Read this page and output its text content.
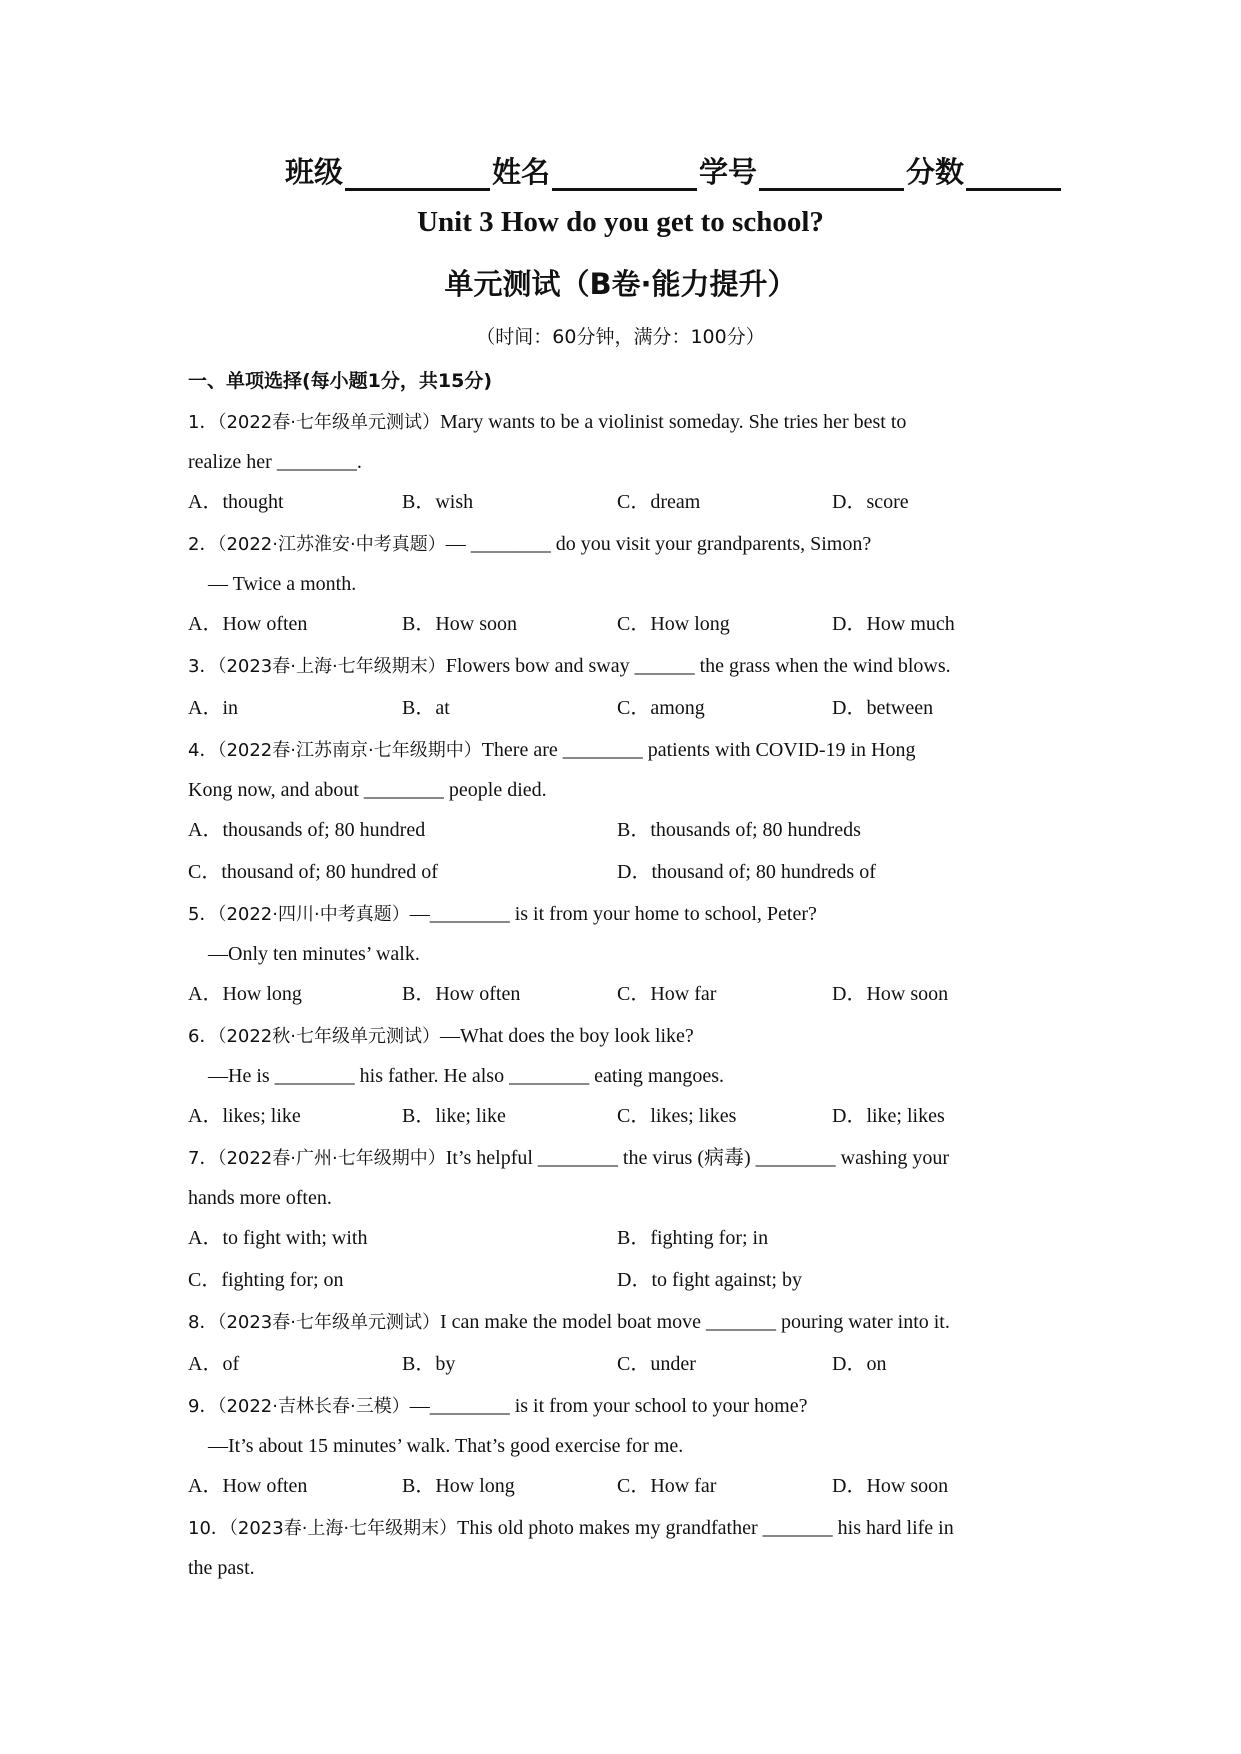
班级	姓名	学号	分数
Unit 3 How do you get to school?
单元测试（B卷·能力提升）
（时间：60分钟，满分：100分）
一、单项选择(每小题1分，共15分)
1．（2022春·七年级单元测试）Mary wants to be a violinist someday. She tries her best to
realize her ________.
A．thought	B．wish	C．dream	D．score
2．（2022·江苏淮安·中考真题）— ________ do you visit your grandparents, Simon?
— Twice a month.
A．How often	B．How soon	C．How long	D．How much
3．（2023春·上海·七年级期末）Flowers bow and sway ______ the grass when the wind blows.
A．in	B．at	C．among	D．between
4．（2022春·江苏南京·七年级期中）There are ________ patients with COVID-19 in Hong
Kong now, and about ________ people died.
A．thousands of; 80 hundred	B．thousands of; 80 hundreds
C．thousand of; 80 hundred of	D．thousand of; 80 hundreds of
5．（2022·四川·中考真题）—________ is it from your home to school, Peter?
—Only ten minutes’ walk.
A．How long	B．How often	C．How far	D．How soon
6．（2022秋·七年级单元测试）—What does the boy look like?
—He is ________ his father. He also ________ eating mangoes.
A．likes; like	B．like; like	C．likes; likes	D．like; likes
7．（2022春·广州·七年级期中）It’s helpful ________ the virus (病毒) ________ washing your
hands more often.
A．to fight with; with	B．fighting for; in
C．fighting for; on	D．to fight against; by
8．（2023春·七年级单元测试）I can make the model boat move _______ pouring water into it.
A．of	B．by	C．under	D．on
9．（2022·吉林长春·三模）—________ is it from your school to your home?
—It’s about 15 minutes’ walk. That’s good exercise for me.
A．How often	B．How long	C．How far	D．How soon
10．（2023春·上海·七年级期末）This old photo makes my grandfather _______ his hard life in
the past.
